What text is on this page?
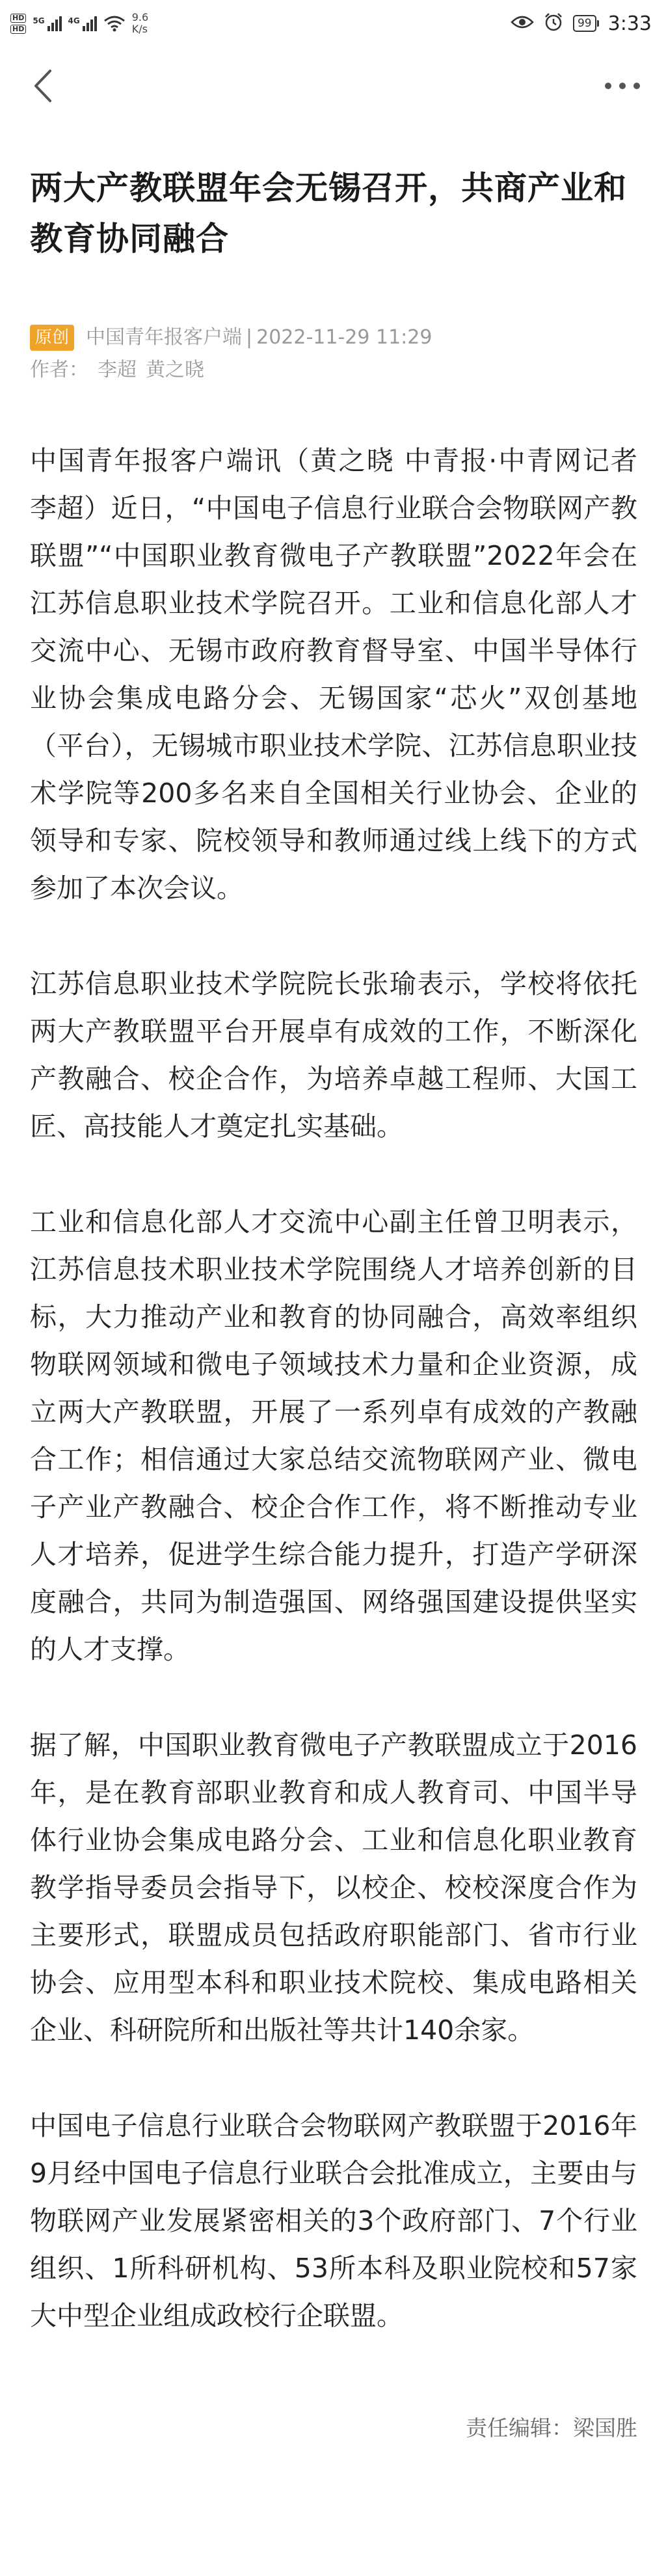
HD
HD
5G	4G	9.6
K/s	99 3:33
两大产教联盟年会无锡召开，共商产业和教育协同融合
原创 中国青年报客户端 | 2022-11-29 11:29
作者： 李超 黄之晓

中国青年报客户端讯（黄之晓 中青报·中青网记者 李超）近日，“中国电子信息行业联合会物联网产教联盟”“中国职业教育微电子产教联盟”2022年会在江苏信息职业技术学院召开。工业和信息化部人才交流中心、无锡市政府教育督导室、中国半导体行业协会集成电路分会、无锡国家“芯火”双创基地（平台），无锡城市职业技术学院、江苏信息职业技术学院等200多名来自全国相关行业协会、企业的领导和专家、院校领导和教师通过线上线下的方式参加了本次会议。

江苏信息职业技术学院院长张瑜表示，学校将依托两大产教联盟平台开展卓有成效的工作，不断深化产教融合、校企合作，为培养卓越工程师、大国工匠、高技能人才奠定扎实基础。

工业和信息化部人才交流中心副主任曾卫明表示，江苏信息技术职业技术学院围绕人才培养创新的目标，大力推动产业和教育的协同融合，高效率组织物联网领域和微电子领域技术力量和企业资源，成立两大产教联盟，开展了一系列卓有成效的产教融合工作；相信通过大家总结交流物联网产业、微电子产业产教融合、校企合作工作，将不断推动专业人才培养，促进学生综合能力提升，打造产学研深度融合，共同为制造强国、网络强国建设提供坚实的人才支撑。

据了解，中国职业教育微电子产教联盟成立于2016年，是在教育部职业教育和成人教育司、中国半导体行业协会集成电路分会、工业和信息化职业教育教学指导委员会指导下，以校企、校校深度合作为主要形式，联盟成员包括政府职能部门、省市行业协会、应用型本科和职业技术院校、集成电路相关企业、科研院所和出版社等共计140余家。

中国电子信息行业联合会物联网产教联盟于2016年9月经中国电子信息行业联合会批准成立，主要由与物联网产业发展紧密相关的3个政府部门、7个行业组织、1所科研机构、53所本科及职业院校和57家大中型企业组成政校行企联盟。

责任编辑：梁国胜
